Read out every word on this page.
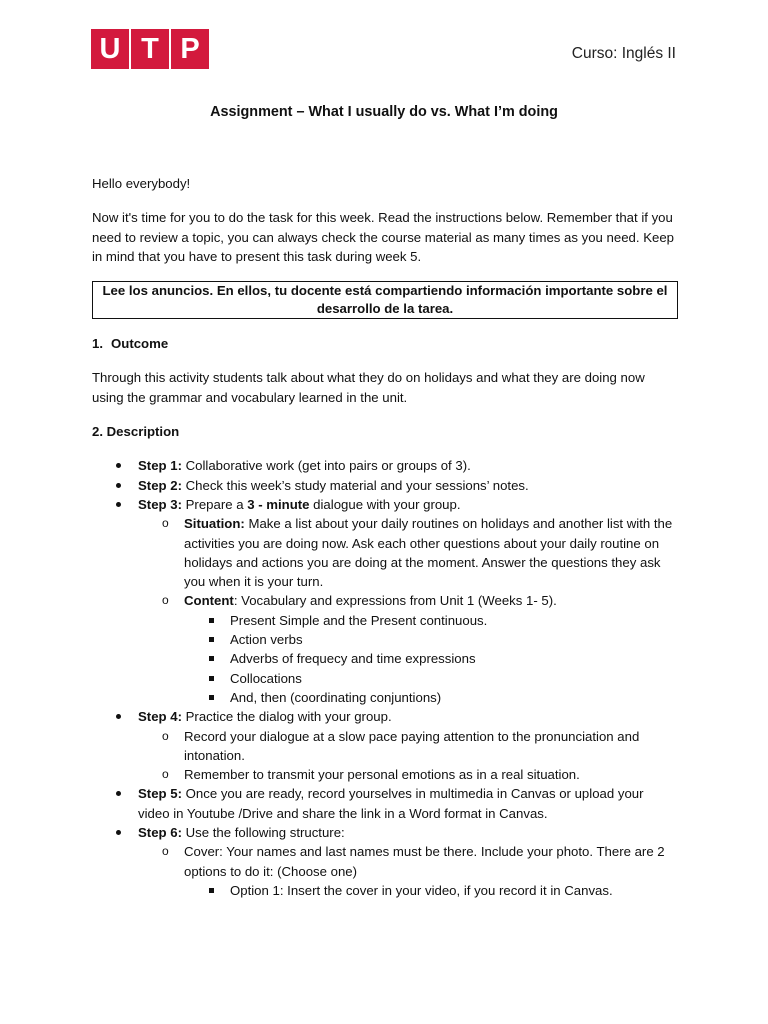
U T P	Curso: Inglés II
Assignment – What I usually do vs. What I’m doing

Hello everybody!

Now it's time for you to do the task for this week. Read the instructions below. Remember that if you need to review a topic, you can always check the course material as many times as you need. Keep in mind that you have to present this task during week 5.

Lee los anuncios. En ellos, tu docente está compartiendo información importante sobre el desarrollo de la tarea.
1. Outcome

Through this activity students talk about what they do on holidays and what they are doing now using the grammar and vocabulary learned in the unit.

2. Description
Step 1: Collaborative work (get into pairs or groups of 3).
Step 2: Check this week’s study material and your sessions’ notes.
Step 3: Prepare a 3 - minute dialogue with your group.
o Situation: Make a list about your daily routines on holidays and another list with the activities you are doing now. Ask each other questions about your daily routine on holidays and actions you are doing at the moment. Answer the questions they ask you when it is your turn.
o Content: Vocabulary and expressions from Unit 1 (Weeks 1- 5).
Present Simple and the Present continuous.
Action verbs
Adverbs of frequecy and time expressions
Collocations
And, then (coordinating conjuntions)
Step 4: Practice the dialog with your group.
o Record your dialogue at a slow pace paying attention to the pronunciation and intonation.
o Remember to transmit your personal emotions as in a real situation.
Step 5: Once you are ready, record yourselves in multimedia in Canvas or upload your video in Youtube /Drive and share the link in a Word format in Canvas.
Step 6: Use the following structure:
o Cover: Your names and last names must be there. Include your photo. There are 2 options to do it: (Choose one)
Option 1: Insert the cover in your video, if you record it in Canvas.
